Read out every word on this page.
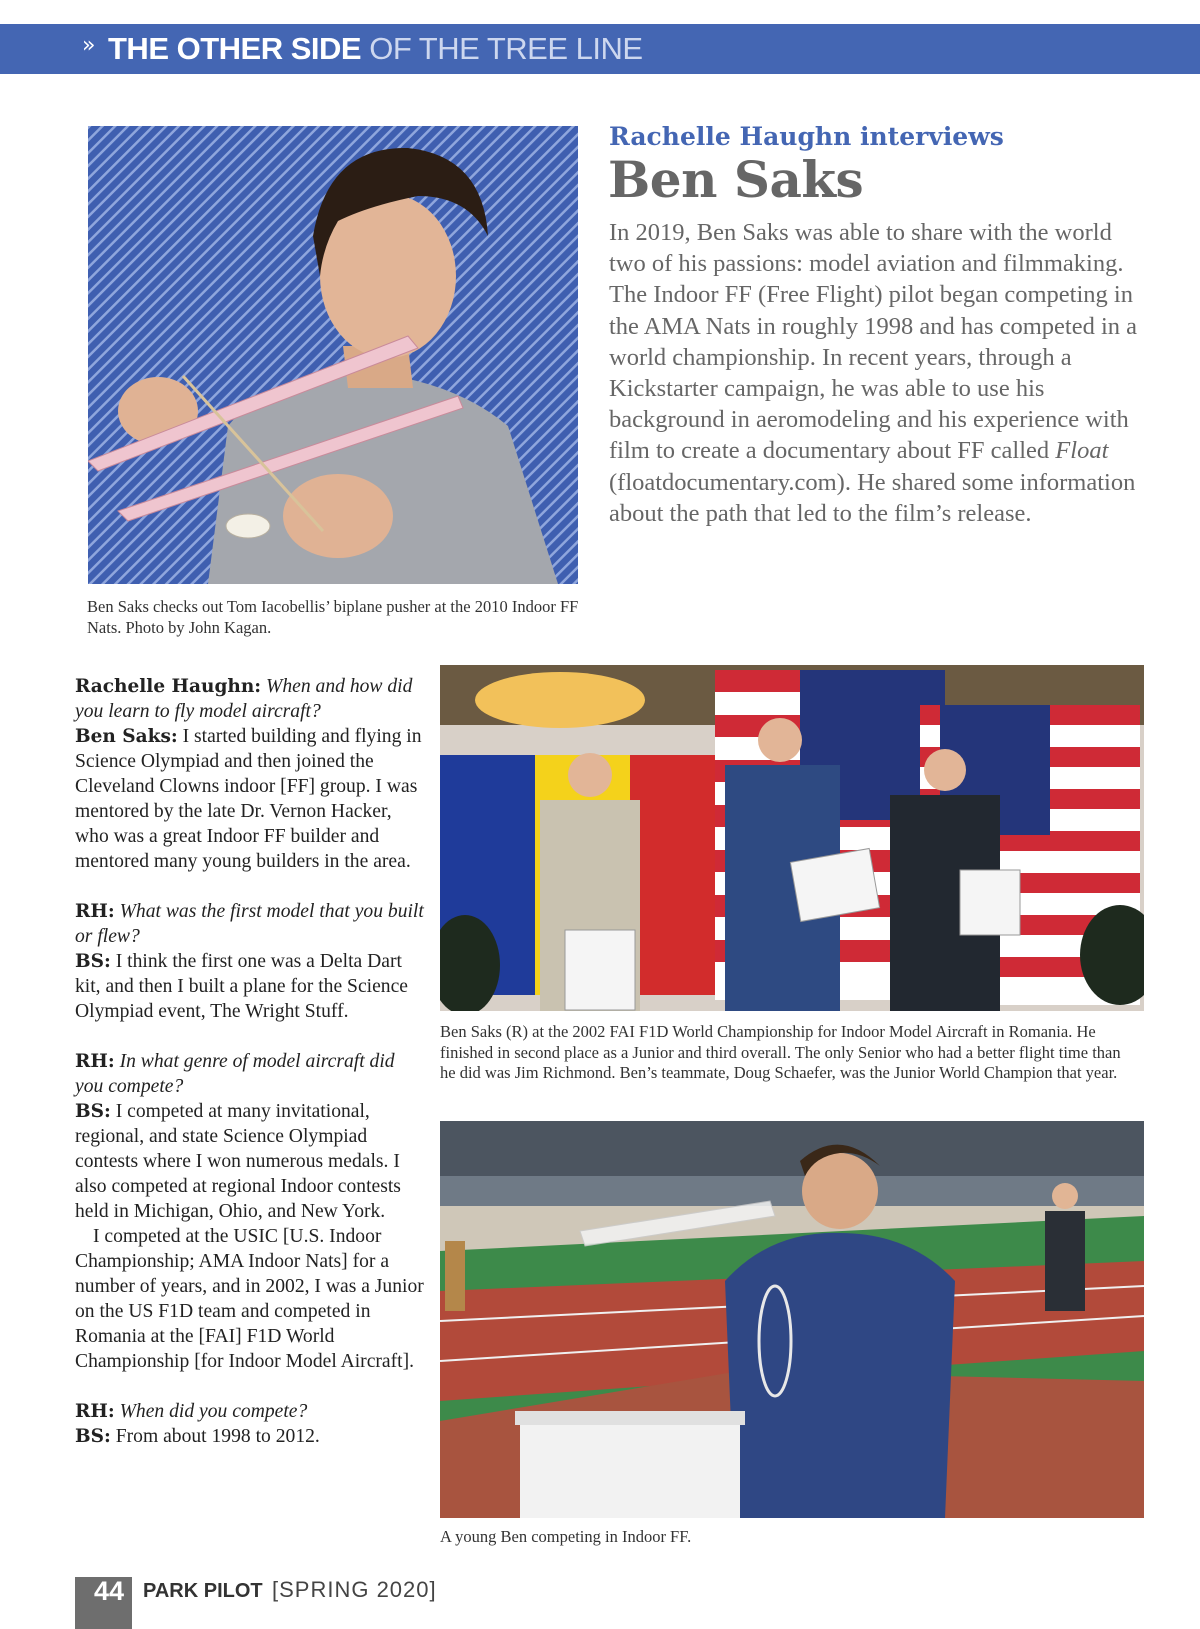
» THE OTHER SIDE OF THE TREE LINE
Ben Saks checks out Tom Iacobellis’ biplane pusher at the 2010 Indoor FF Nats. Photo by John Kagan.
Rachelle Haughn interviews
Ben Saks
In 2019, Ben Saks was able to share with the world two of his passions: model aviation and filmmaking. The Indoor FF (Free Flight) pilot began competing in the AMA Nats in roughly 1998 and has competed in a world championship. In recent years, through a Kickstarter campaign, he was able to use his background in aeromodeling and his experience with film to create a documentary about FF called Float (floatdocumentary.com). He shared some information about the path that led to the film’s release.
Ben Saks (R) at the 2002 FAI F1D World Championship for Indoor Model Aircraft in Romania. He finished in second place as a Junior and third overall. The only Senior who had a better flight time than he did was Jim Richmond. Ben’s teammate, Doug Schaefer, was the Junior World Champion that year.
A young Ben competing in Indoor FF.

Rachelle Haughn: When and how did you learn to fly model aircraft?
Ben Saks: I started building and flying in Science Olympiad and then joined the Cleveland Clowns indoor [FF] group. I was mentored by the late Dr. Vernon Hacker, who was a great Indoor FF builder and mentored many young builders in the area.

RH: What was the first model that you built or flew?
BS: I think the first one was a Delta Dart kit, and then I built a plane for the Science Olympiad event, The Wright Stuff.

RH: In what genre of model aircraft did you compete?
BS: I competed at many invitational, regional, and state Science Olympiad contests where I won numerous medals. I also competed at regional Indoor contests held in Michigan, Ohio, and New York.
I competed at the USIC [U.S. Indoor Championship; AMA Indoor Nats] for a number of years, and in 2002, I was a Junior on the US F1D team and competed in Romania at the [FAI] F1D World Championship [for Indoor Model Aircraft].

RH: When did you compete?
BS: From about 1998 to 2012.

44 PARK PILOT [SPRING 2020]
